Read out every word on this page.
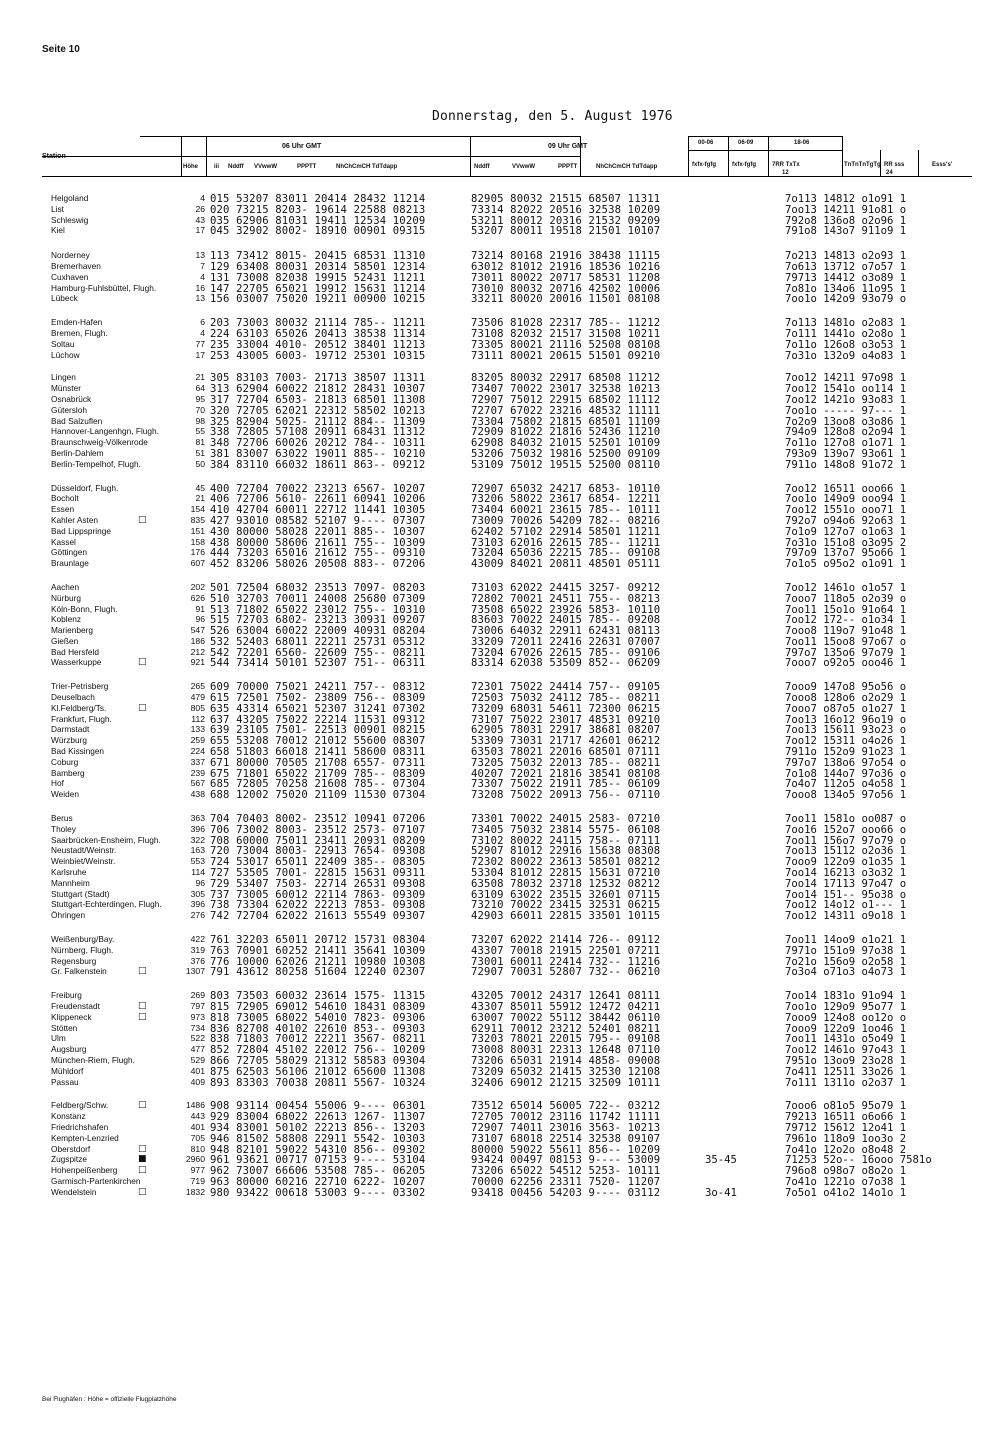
Seite 10
Donnerstag, den 5. August 1976
Station
Höhe	iii
06 Uhr GMT	09 Uhr GMT
Nddff VVwwW	PPPTT	NhChCmCH TdTdapp	Nddff	VVwwW	PPPTT	NhChCmCH TdTdapp
00-06	06-09	18-06
fxfx-fgfg	fxfx-fgfg	7RR TxTx	TnTnTnTgTg RR sss	Esss's'
12	24
Helgoland	4 015 53207 83011 20414 28432 11214	82905 80032 21515 68507 11311	7o113 14812 o1o91 1
List	26 020 73215 8203- 19614 22588 08213	73314 82022 20516 32538 10209	7oo13 14211 91o81 o
Schleswig	43 035 62906 81031 19411 12534 10209	53211 80012 20316 21532 09209	792o8 136o8 o2o96 1
Kiel	17 045 32902 8002- 18910 00901 09315	53207 80011 19518 21501 10107	791o8 143o7 911o9 1
Norderney	13 113 73412 8015- 20415 68531 11310	73214 80168 21916 38438 11115	7o213 14813 o2o93 1
Bremerhaven	7 129 63408 80031 20314 58501 12314	63012 81012 21916 18536 10216	7o613 13712 o7o57 1
Cuxhaven	4 131 73008 82038 19915 52431 11211	73011 80022 20717 58531 11208	79713 14412 o3o89 1
Hamburg-Fuhlsbüttel, Flugh.	16 147 22705 65021 19912 15631 11214	73010 80032 20716 42502 10006	7o81o 134o6 11o95 1
Lübeck	13 156 03007 75020 19211 00900 10215	33211 80020 20016 11501 08108	7oo1o 142o9 93o79 o
Emden-Hafen	6 203 73003 80032 21114 785-- 11211	73506 81028 22317 785-- 11212	7o113 1481o o2o83 1
Bremen, Flugh.	4 224 63103 65026 20413 38538 11314	73108 82032 21517 31508 10211	7o111 1441o o2o8o 1
Soltau	77 235 33004 4010- 20512 38401 11213	73305 80021 21116 52508 08108	7o11o 126o8 o3o53 1
Lüchow	17 253 43005 6003- 19712 25301 10315	73111 80021 20615 51501 09210	7o31o 132o9 o4o83 1
Lingen	21 305 83103 7003- 21713 38507 11311	83205 80032 22917 68508 11212	7oo12 14211 97o98 1
Münster	64 313 62904 60022 21812 28431 10307	73407 70022 23017 32538 10213	7oo12 1541o oo114 1
Osnabrück	95 317 72704 6503- 21813 68501 11308	72907 75012 22915 68502 11112	7oo12 1421o 93o83 1
Gütersloh	70 320 72705 62021 22312 58502 10213	72707 67022 23216 48532 11111	7oo1o ----- 97--- 1
Bad Salzuflen	98 325 82904 5025- 21112 884-- 11309	73304 75802 21815 68501 11109	7o2o9 13oo8 o3o86 1
Hannover-Langenhgn, Flugh.	55 338 72805 57108 20911 68431 11312	72909 81022 21816 52436 11210	794o9 128o8 o2o94 1
Braunschweig-Völkenrode	81 348 72706 60026 20212 784-- 10311	62908 84032 21015 52501 10109	7o11o 127o8 o1o71 1
Berlin-Dahlem	51 381 83007 63022 19011 885-- 10210	53206 75032 19816 52500 09109	793o9 139o7 93o61 1
Berlin-Tempelhof, Flugh.	50 384 83110 66032 18611 863-- 09212	53109 75012 19515 52500 08110	7911o 148o8 91o72 1
Düsseldorf, Flugh.	45 400 72704 70022 23213 6567- 10207	72907 65032 24217 6853- 10110	7oo12 16511 ooo66 1
Bocholt	21 406 72706 5610- 22611 60941 10206	73206 58022 23617 6854- 12211	7oo1o 149o9 ooo94 1
Essen	154 410 42704 60011 22712 11441 10305	73404 60021 23615 785-- 10111	7oo12 1551o ooo71 1
Kahler Asten	□	835 427 93010 08582 52107 9---- 07307	73009 70026 54209 782-- 08216	792o7 o94o6 92o63 1
Bad Lippspringe	151 430 80000 58028 22011 885-- 10307	62402 57102 22914 58501 11211	7o1o9 127o7 o1o63 1
Kassel	158 438 80000 58606 21611 755-- 10309	73103 62016 22615 785-- 11211	7o31o 151o8 o3o95 2
Göttingen	176 444 73203 65016 21612 755-- 09310	73204 65036 22215 785-- 09108	797o9 137o7 95o66 1
Braunlage	607 452 83206 58026 20508 883-- 07206	43009 84021 20811 48501 05111	7o1o5 o95o2 o1o91 1
Aachen	202 501 72504 68032 23513 7097- 08203	73103 62022 24415 3257- 09212	7oo12 1461o o1o57 1
Nürburg	626 510 32703 70011 24008 25680 07309	72802 70021 24511 755-- 08213	7ooo7 118o5 o2o39 o
Köln-Bonn, Flugh.	91 513 71802 65022 23012 755-- 10310	73508 65022 23926 5853- 10110	7oo11 15o1o 91o64 1
Koblenz	96 515 72703 6802- 23213 30931 09207	83603 70022 24015 785-- 09208	7oo12 172-- o1o34 1
Marienberg	547 526 63004 60022 22009 40931 08204	73006 64032 22911 62431 08113	7ooo8 119o7 91o48 1
Gießen	186 532 52403 68011 22211 25731 05312	33209 72011 22416 22631 07007	7oo11 15oo8 97o67 o
Bad Hersfeld	212 542 72201 6560- 22609 755-- 08211	73204 67026 22615 785-- 09106	797o7 135o6 97o79 1
Wasserkuppe	□	921 544 73414 50101 52307 751-- 06311	83314 62038 53509 852-- 06209	7ooo7 o92o5 ooo46 1
Trier-Petrisberg	265 609 70000 75021 24211 757-- 08312	72301 75022 24414 757-- 09105	7ooo9 147o8 95o56 o
Deuselbach	479 615 72501 7502- 23809 756-- 08309	72503 75032 24112 785-- 08211	7ooo8 128o6 o2o29 1
Kl.Feldberg/Ts.	□	805 635 43314 65021 52307 31241 07302	73209 68031 54611 72300 06215	7ooo7 o87o5 o1o27 1
Frankfurt, Flugh.	112 637 43205 75022 22214 11531 09312	73107 75022 23017 48531 09210	7oo13 16o12 96o19 o
Darmstadt	133 639 23105 7501- 22513 00901 08215	62905 78031 22917 38681 08207	7oo13 15611 93o23 o
Würzburg	259 655 53208 70012 21012 55600 08307	53309 73031 21717 42601 06212	7oo12 15311 o4o26 1
Bad Kissingen	224 658 51803 66018 21411 58600 08311	63503 78021 22016 68501 07111	7911o 152o9 91o23 1
Coburg	337 671 80000 70505 21708 6557- 07311	73205 75032 22013 785-- 08211	797o7 138o6 97o54 o
Bamberg	239 675 71801 65022 21709 785-- 08309	40207 72021 21816 38541 08108	7o1o8 144o7 97o36 o
Hof	567 685 72805 70258 21608 785-- 07304	73307 75022 21911 785-- 06109	7o4o7 112o5 o4o58 1
Weiden	438 688 12002 75020 21109 11530 07304	73208 75022 20913 756-- 07110	7ooo8 134o5 97o56 1
Berus	363 704 70403 8002- 23512 10941 07206	73301 70022 24015 2583- 07210	7oo11 1581o oo087 o
Tholey	396 706 73002 8003- 23512 2573- 07107	73405 75032 23814 5575- 06108	7oo16 152o7 ooo66 o
Saarbrücken-Ensheim, Flugh.	322 708 60000 75011 23411 20931 08209	73102 80022 24115 758-- 07111	7oo11 156o7 97o79 o
Neustadt/Weinstr.	163 720 73004 8003- 22913 7654- 09308	52907 81012 22916 15638 08308	7oo13 15112 o2o36 1
Weinbiet/Weinstr.	553 724 53017 65011 22409 385-- 08305	72302 80022 23613 58501 08212	7ooo9 122o9 o1o35 1
Karlsruhe	114 727 53505 7001- 22815 15631 09311	53304 81012 22815 15631 07210	7oo14 16213 o3o32 1
Mannheim	96 729 53407 7503- 22714 26531 09308	63508 78032 23718 12532 08212	7oo14 17113 97o47 o
Stuttgart (Stadt)	305 737 73005 60012 22114 7863- 09309	63109 63022 23515 32601 07115	7oo14 151-- 95o38 o
Stuttgart-Echterdingen, Flugh.	396 738 73304 62022 22213 7853- 09308	73210 70022 23415 32531 06215	7oo12 14o12 o1--- 1
Öhringen	276 742 72704 62022 21613 55549 09307	42903 66011 22815 33501 10115	7oo12 14311 o9o18 1
Weißenburg/Bay.	422 761 32203 65011 20712 15731 08304	73207 62022 21414 726-- 09112	7oo11 14oo9 o1o21 1
Nürnberg, Flugh.	319 763 70901 60252 21411 35641 10309	43307 70018 21915 22501 07211	7971o 151o9 97o38 1
Regensburg	376 776 10000 62026 21211 10980 10308	73001 60011 22414 732-- 11216	7o21o 156o9 o2o58 1
Gr. Falkenstein	□	1307 791 43612 80258 51604 12240 02307	72907 70031 52807 732-- 06210	7o3o4 o71o3 o4o73 1
Freiburg	269 803 73503 60032 23614 1575- 11315	43205 70012 24317 12641 08111	7oo14 1831o 91o94 1
Freudenstadt	□	797 815 72905 69012 54610 18431 08309	43307 85011 55912 12472 04211	7oo1o 129o9 95o77 1
Klippeneck	□	973 818 73005 68022 54010 7823- 09306	63007 70022 55112 38442 06110	7ooo9 124o8 oo12o o
Stötten	734 836 82708 40102 22610 853-- 09303	62911 70012 23212 52401 08211	7ooo9 122o9 1oo46 1
Ulm	522 838 71803 70012 22211 3567- 08211	73203 78021 22015 795-- 09108	7oo11 1431o o5o49 1
Augsburg	477 852 72804 45102 22012 756-- 10209	73008 80031 22313 12648 07110	7oo12 1461o 97o43 1
München-Riem, Flugh.	529 866 72705 58029 21312 58583 09304	73206 65031 21914 4858- 09008	7951o 13oo9 23o28 1
Mühldorf	401 875 62503 56106 21012 65600 11308	73209 65032 21415 32530 12108	7o411 12511 33o26 1
Passau	409 893 83303 70038 20811 5567- 10324	32406 69012 21215 32509 10111	7o111 1311o o2o37 1
Feldberg/Schw.	□	1486 908 93114 00454 55006 9---- 06301	73512 65014 56005 722-- 03212	7ooo6 o81o5 95o79 1
Konstanz	443 929 83004 68022 22613 1267- 11307	72705 70012 23116 11742 11111	79213 16511 o6o66 1
Friedrichshafen	401 934 83001 50102 22213 856-- 13203	72907 74011 23016 3563- 10213	79712 15612 12o41 1
Kempten-Lenzried	705 946 81502 58808 22911 5542- 10303	73107 68018 22514 32538 09107	7961o 118o9 1oo3o 2
Oberstdorf	□	810 948 82101 59022 54310 856-- 09302	80000 59022 55611 856-- 10209	7o41o 12o2o o8o48 2
Zugspitze	■	2960 961 93621 00717 07153 9---- 53104	93424 00497 08153 9---- 53009	35-45	71253 52o-- 16ooo 7581o
Hohenpeißenberg □	977 962 73007 66606 53508 785-- 06205	73206 65022 54512 5253- 10111	796o8 o98o7 o8o2o 1
Garmisch-Partenkirchen	719 963 80000 60216 22710 6222- 10207	70000 62256 23311 7520- 11207	7o41o 1221o o7o38 1
Wendelstein	□	1832 980 93422 00618 53003 9---- 03302	93418 00456 54203 9---- 03112	3o-41	7o5o1 o41o2 14o1o 1
Bei Flughäfen : Höhe = offizielle Flugplatzhöhe
